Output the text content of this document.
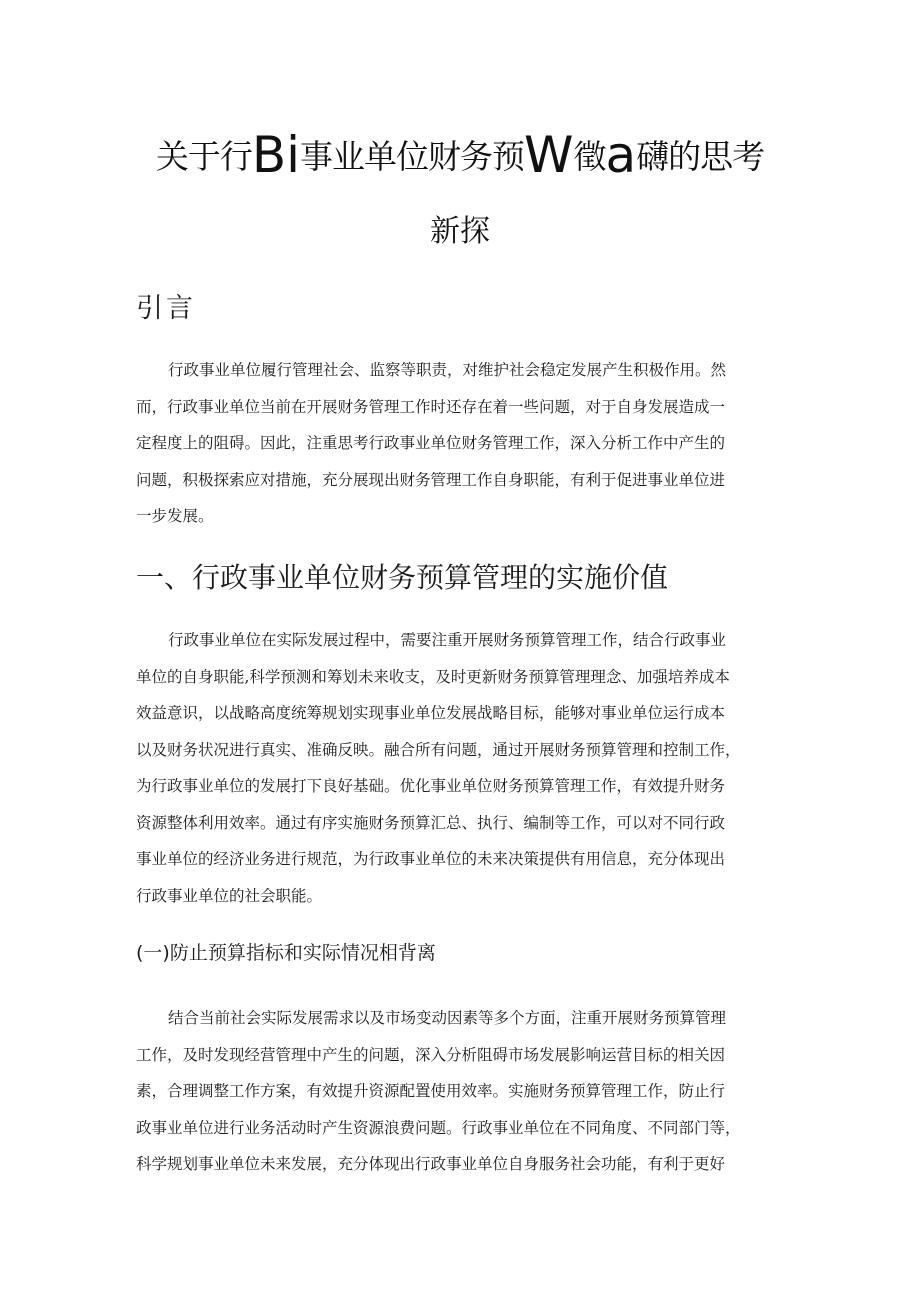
关于行Bi事业单位财务预W徵a礴的思考
新探
引言
行政事业单位履行管理社会、监察等职责，对维护社会稳定发展产生积极作用。然
而，行政事业单位当前在开展财务管理工作时还存在着一些问题，对于自身发展造成一
定程度上的阻碍。因此，注重思考行政事业单位财务管理工作，深入分析工作中产生的
问题，积极探索应对措施，充分展现出财务管理工作自身职能，有利于促进事业单位进
一步发展。
一、行政事业单位财务预算管理的实施价值
行政事业单位在实际发展过程中，需要注重开展财务预算管理工作，结合行政事业
单位的自身职能,科学预测和筹划未来收支，及时更新财务预算管理理念、加强培养成本
效益意识，以战略高度统筹规划实现事业单位发展战略目标，能够对事业单位运行成本
以及财务状况进行真实、准确反映。融合所有问题，通过开展财务预算管理和控制工作，
为行政事业单位的发展打下良好基础。优化事业单位财务预算管理工作，有效提升财务
资源整体利用效率。通过有序实施财务预算汇总、执行、编制等工作，可以对不同行政
事业单位的经济业务进行规范，为行政事业单位的未来决策提供有用信息，充分体现出
行政事业单位的社会职能。
(一)防止预算指标和实际情况相背离
结合当前社会实际发展需求以及市场变动因素等多个方面，注重开展财务预算管理
工作，及时发现经营管理中产生的问题，深入分析阻碍市场发展影响运营目标的相关因
素，合理调整工作方案，有效提升资源配置使用效率。实施财务预算管理工作，防止行
政事业单位进行业务活动时产生资源浪费问题。行政事业单位在不同角度、不同部门等，
科学规划事业单位未来发展，充分体现出行政事业单位自身服务社会功能，有利于更好
